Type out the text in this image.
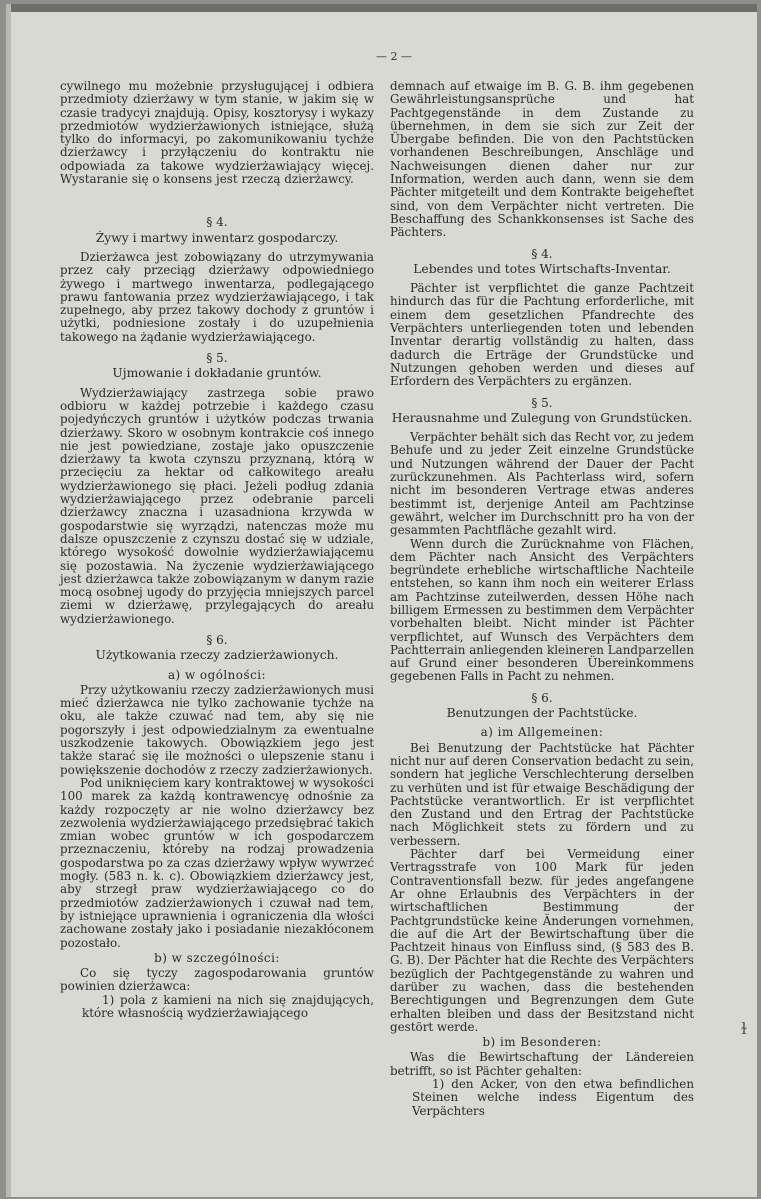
— 2 —

cywilnego mu możebnie przysługującej i odbiera przedmioty dzierżawy w tym stanie, w jakim się w czasie tradycyi znajdują. Opisy, kosztorysy i wykazy przedmiotów wydzierżawionych istniejące, służą tylko do informacyi, po zakomunikowaniu tychże dzierżawcy i przyłączeniu do kontraktu nie odpowiada za takowe wydzierżawiający więcej. Wystaranie się o konsens jest rzeczą dzierżawcy.

§ 4.
Żywy i martwy inwentarz gospodarczy.

Dzierżawca jest zobowiązany do utrzymywania przez cały przeciąg dzierżawy odpowiedniego żywego i martwego inwentarza, podlegającego prawu fantowania przez wydzierżawiającego, i tak zupełnego, aby przez takowy dochody z gruntów i użytki, podniesione zostały i do uzupełnienia takowego na żądanie wydzierżawiającego.

§ 5.
Ujmowanie i dokładanie gruntów.

Wydzierżawiający zastrzega sobie prawo odbioru w każdej potrzebie i każdego czasu pojedyńczych gruntów i użytków podczas trwania dzierżawy. Skoro w osobnym kontrakcie coś innego nie jest powiedziane, zostaje jako opuszczenie dzierżawy ta kwota czynszu przyznaną, którą w przecięciu za hektar od całkowitego areału wydzierżawionego się płaci. Jeżeli podług zdania wydzierżawiającego przez odebranie parceli dzierżawcy znaczna i uzasadniona krzywda w gospodarstwie się wyrządzi, natenczas może mu dalsze opuszczenie z czynszu dostać się w udziale, którego wysokość dowolnie wydzierżawiającemu się pozostawia. Na życzenie wydzierżawiającego jest dzierżawca także zobowiązanym w danym razie mocą osobnej ugody do przyjęcia mniejszych parcel ziemi w dzierżawę, przylegających do areału wydzierżawionego.

§ 6.
Użytkowania rzeczy zadzierżawionych.
a) w ogólności:

Przy użytkowaniu rzeczy zadzierżawionych musi mieć dzierżawca nie tylko zachowanie tychże na oku, ale także czuwać nad tem, aby się nie pogorszyły i jest odpowiedzialnym za ewentualne uszkodzenie takowych. Obowiązkiem jego jest także starać się ile możności o ulepszenie stanu i powiększenie dochodów z rzeczy zadzierżawionych.

Pod uniknięciem kary kontraktowej w wysokości 100 marek za każdą kontrawencyę odnośnie za każdy rozpoczęty ar nie wolno dzierżawcy bez zezwolenia wydzierżawiającego przedsiębrać takich zmian wobec gruntów w ich gospodarczem przeznaczeniu, któreby na rodzaj prowadzenia gospodarstwa po za czas dzierżawy wpływ wywrzeć mogły. (583 n. k. c). Obowiązkiem dzierżawcy jest, aby strzegł praw wydzierżawiającego co do przedmiotów zadzierżawionych i czuwał nad tem, by istniejące uprawnienia i ograniczenia dla włości zachowane zostały jako i posiadanie niezakłóconem pozostało.

b) w szczególności:

Co się tyczy zagospodarowania gruntów powinien dzierżawca:

1) pola z kamieni na nich się znajdujących, które własnością wydzierżawiającego

demnach auf etwaige im B. G. B. ihm gegebenen Gewährleistungsansprüche und hat Pachtgegenstände in dem Zustande zu übernehmen, in dem sie sich zur Zeit der Übergabe befinden. Die von den Pachtstücken vorhandenen Beschreibungen, Anschläge und Nachweisungen dienen daher nur zur Information, werden auch dann, wenn sie dem Pächter mitgeteilt und dem Kontrakte beigeheftet sind, von dem Verpächter nicht vertreten. Die Beschaffung des Schankkonsenses ist Sache des Pächters.

§ 4.
Lebendes und totes Wirtschafts-Inventar.

Pächter ist verpflichtet die ganze Pachtzeit hindurch das für die Pachtung erforderliche, mit einem dem gesetzlichen Pfandrechte des Verpächters unterliegenden toten und lebenden Inventar derartig vollständig zu halten, dass dadurch die Erträge der Grundstücke und Nutzungen gehoben werden und dieses auf Erfordern des Verpächters zu ergänzen.

§ 5.
Herausnahme und Zulegung von Grundstücken.

Verpächter behält sich das Recht vor, zu jedem Behufe und zu jeder Zeit einzelne Grundstücke und Nutzungen während der Dauer der Pacht zurückzunehmen. Als Pachterlass wird, sofern nicht im besonderen Vertrage etwas anderes bestimmt ist, derjenige Anteil am Pachtzinse gewährt, welcher im Durchschnitt pro ha von der gesammten Pachtfläche gezahlt wird.

Wenn durch die Zurücknahme von Flächen, dem Pächter nach Ansicht des Verpächters begründete erhebliche wirtschaftliche Nachteile entstehen, so kann ihm noch ein weiterer Erlass am Pachtzinse zuteilwerden, dessen Höhe nach billigem Ermessen zu bestimmen dem Verpächter vorbehalten bleibt. Nicht minder ist Pächter verpflichtet, auf Wunsch des Verpächters dem Pachtterrain anliegenden kleineren Landparzellen auf Grund einer besonderen Übereinkommens gegebenen Falls in Pacht zu nehmen.

§ 6.
Benutzungen der Pachtstücke.
a) im Allgemeinen:

Bei Benutzung der Pachtstücke hat Pächter nicht nur auf deren Conservation bedacht zu sein, sondern hat jegliche Verschlechterung derselben zu verhüten und ist für etwaige Beschädigung der Pachtstücke verantwortlich. Er ist verpflichtet den Zustand und den Ertrag der Pachtstücke nach Möglichkeit stets zu fördern und zu verbessern.

Pächter darf bei Vermeidung einer Vertragsstrafe von 100 Mark für jeden Contraventionsfall bezw. für jedes angefangene Ar ohne Erlaubnis des Verpächters in der wirtschaftlichen Bestimmung der Pachtgrundstücke keine Änderungen vornehmen, die auf die Art der Bewirtschaftung über die Pachtzeit hinaus von Einfluss sind, (§ 583 des B. G. B). Der Pächter hat die Rechte des Verpächters bezüglich der Pachtgegenstände zu wahren und darüber zu wachen, dass die bestehenden Berechtigungen und Begrenzungen dem Gute erhalten bleiben und dass der Besitzstand nicht gestört werde.

b) im Besonderen:

Was die Bewirtschaftung der Ländereien betrifft, so ist Pächter gehalten:

1) den Acker, von den etwa befindlichen Steinen welche indess Eigentum des Verpächters

ɫ
